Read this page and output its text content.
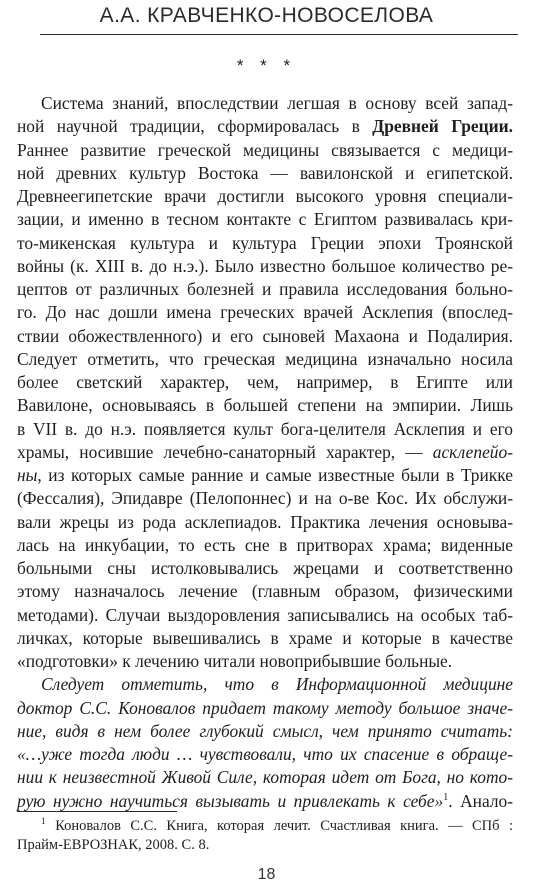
А.А. КРАВЧЕНКО-НОВОСЕЛОВА
* * *
Система знаний, впоследствии легшая в основу всей запад-
ной научной традиции, сформировалась в Древней Греции.
Раннее развитие греческой медицины связывается с медици-
ной древних культур Востока — вавилонской и египетской.
Древнеегипетские врачи достигли высокого уровня специали-
зации, и именно в тесном контакте с Египтом развивалась кри-
то-микенская культура и культура Греции эпохи Троянской
войны (к. XIII в. до н.э.). Было известно большое количество ре-
цептов от различных болезней и правила исследования больно-
го. До нас дошли имена греческих врачей Асклепия (впослед-
ствии обожествленного) и его сыновей Махаона и Подалирия.
Следует отметить, что греческая медицина изначально носила
более светский характер, чем, например, в Египте или
Вавилоне, основываясь в большей степени на эмпирии. Лишь
в VII в. до н.э. появляется культ бога-целителя Асклепия и его
храмы, носившие лечебно-санаторный характер, — асклепейо-
ны, из которых самые ранние и самые известные были в Трикке
(Фессалия), Эпидавре (Пелопоннес) и на о-ве Кос. Их обслужи-
вали жрецы из рода асклепиадов. Практика лечения основыва-
лась на инкубации, то есть сне в притворах храма; виденные
больными сны истолковывались жрецами и соответственно
этому назначалось лечение (главным образом, физическими
методами). Случаи выздоровления записывались на особых таб-
личках, которые вывешивались в храме и которые в качестве
«подготовки» к лечению читали новоприбывшие больные.
Следует отметить, что в Информационной медицине
доктор С.С. Коновалов придает такому методу большое значе-
ние, видя в нем более глубокий смысл, чем принято считать:
«…уже тогда люди … чувствовали, что их спасение в обраще-
нии к неизвестной Живой Силе, которая идет от Бога, но кото-
рую нужно научиться вызывать и привлекать к себе»$^1$. Анало-
$^1$ Коновалов С.С. Книга, которая лечит. Счастливая книга. — СПб :
Прайм-ЕВРОЗНАК, 2008. С. 8.
18
